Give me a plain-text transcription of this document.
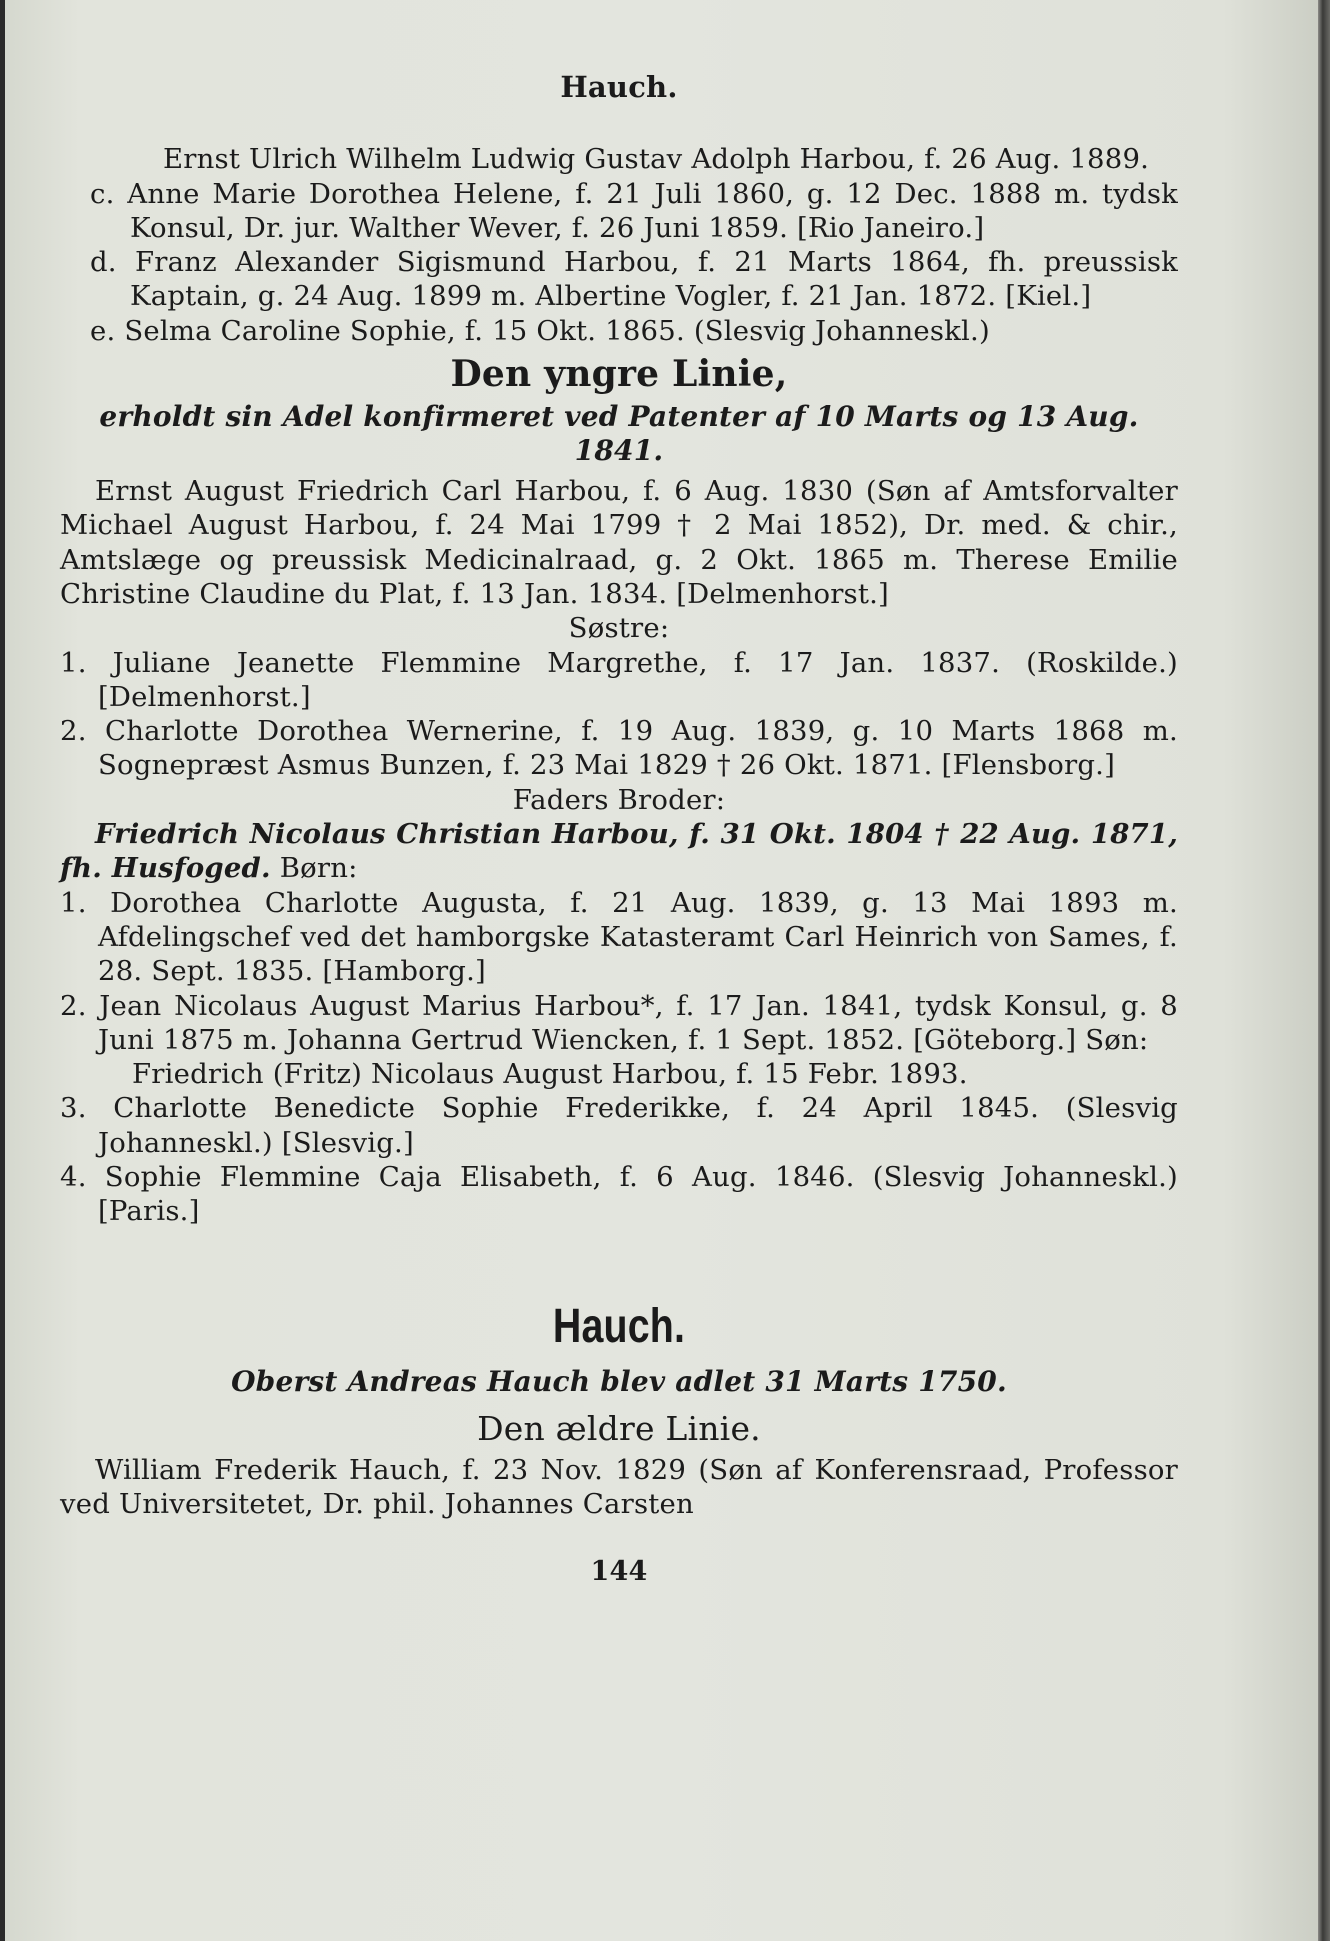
Hauch.

Ernst Ulrich Wilhelm Ludwig Gustav Adolph Harbou, f. 26 Aug. 1889.

c. Anne Marie Dorothea Helene, f. 21 Juli 1860, g. 12 Dec. 1888 m. tydsk Konsul, Dr. jur. Walther Wever, f. 26 Juni 1859. [Rio Janeiro.]

d. Franz Alexander Sigismund Harbou, f. 21 Marts 1864, fh. preussisk Kaptain, g. 24 Aug. 1899 m. Albertine Vogler, f. 21 Jan. 1872. [Kiel.]

e. Selma Caroline Sophie, f. 15 Okt. 1865. (Slesvig Johanneskl.)

Den yngre Linie,
erholdt sin Adel konfirmeret ved Patenter af 10 Marts og 13 Aug. 1841.

Ernst August Friedrich Carl Harbou, f. 6 Aug. 1830 (Søn af Amtsforvalter Michael August Harbou, f. 24 Mai 1799 † 2 Mai 1852), Dr. med. & chir., Amtslæge og preussisk Medicinalraad, g. 2 Okt. 1865 m. Therese Emilie Christine Claudine du Plat, f. 13 Jan. 1834. [Delmenhorst.]

Søstre:

1. Juliane Jeanette Flemmine Margrethe, f. 17 Jan. 1837. (Roskilde.) [Delmenhorst.]

2. Charlotte Dorothea Wernerine, f. 19 Aug. 1839, g. 10 Marts 1868 m. Sognepræst Asmus Bunzen, f. 23 Mai 1829 † 26 Okt. 1871. [Flensborg.]

Faders Broder:

Friedrich Nicolaus Christian Harbou, f. 31 Okt. 1804 † 22 Aug. 1871, fh. Husfoged. Børn:

1. Dorothea Charlotte Augusta, f. 21 Aug. 1839, g. 13 Mai 1893 m. Afdelingschef ved det hamborgske Katasteramt Carl Heinrich von Sames, f. 28. Sept. 1835. [Hamborg.]

2. Jean Nicolaus August Marius Harbou*, f. 17 Jan. 1841, tydsk Konsul, g. 8 Juni 1875 m. Johanna Gertrud Wiencken, f. 1 Sept. 1852. [Göteborg.] Søn:

Friedrich (Fritz) Nicolaus August Harbou, f. 15 Febr. 1893.

3. Charlotte Benedicte Sophie Frederikke, f. 24 April 1845. (Slesvig Johanneskl.) [Slesvig.]

4. Sophie Flemmine Caja Elisabeth, f. 6 Aug. 1846. (Slesvig Johanneskl.) [Paris.]

Hauch.
Oberst Andreas Hauch blev adlet 31 Marts 1750.
Den ældre Linie.

William Frederik Hauch, f. 23 Nov. 1829 (Søn af Konferensraad, Professor ved Universitetet, Dr. phil. Johannes Carsten

144
